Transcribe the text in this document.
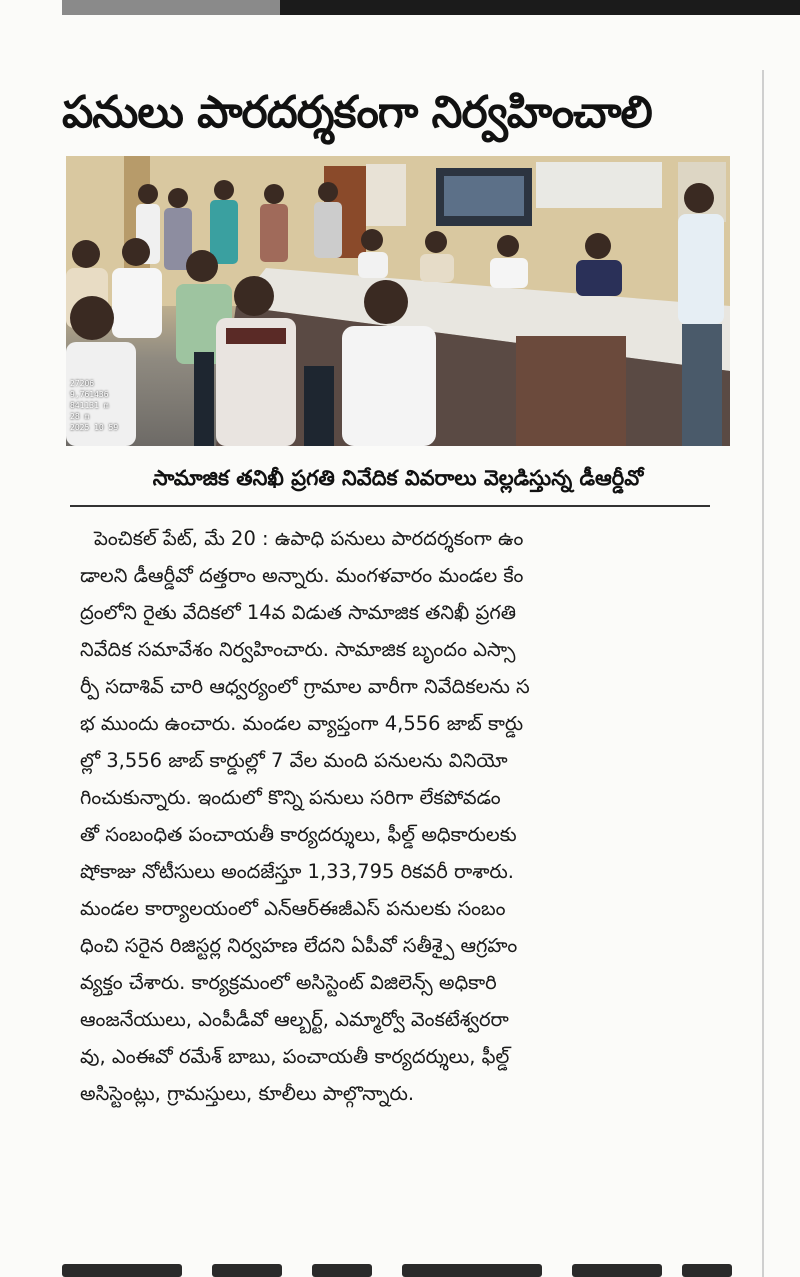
పనులు పారదర్శకంగా నిర్వహించాలి
27206
9,761436
841131 m
28 m
2025 10 59
సామాజిక తనిఖీ ప్రగతి నివేదిక వివరాలు వెల్లడిస్తున్న డీఆర్డీవో
పెంచికల్ పేట్, మే 20 : ఉపాధి పనులు పారదర్శకంగా ఉం
డాలని డీఆర్డీవో దత్తరాం అన్నారు. మంగళవారం మండల కేం
ద్రంలోని రైతు వేదికలో 14వ విడుత సామాజిక తనిఖీ ప్రగతి
నివేదిక సమావేశం నిర్వహించారు. సామాజిక బృందం ఎస్సా
ర్పీ సదాశివ్ చారి ఆధ్వర్యంలో గ్రామాల వారీగా నివేదికలను స
భ ముందు ఉంచారు. మండల వ్యాప్తంగా 4,556 జాబ్ కార్డు
ల్లో 3,556 జాబ్ కార్డుల్లో 7 వేల మంది పనులను వినియో
గించుకున్నారు. ఇందులో కొన్ని పనులు సరిగా లేకపోవడం
తో సంబంధిత పంచాయతీ కార్యదర్శులు, ఫీల్డ్ అధికారులకు
షోకాజు నోటీసులు అందజేస్తూ 1,33,795 రికవరీ రాశారు.
మండల కార్యాలయంలో ఎన్ఆర్ఈజీఎస్ పనులకు సంబం
ధించి సరైన రిజిస్టర్ల నిర్వహణ లేదని ఏపీవో సతీశ్పై ఆగ్రహం
వ్యక్తం చేశారు. కార్యక్రమంలో అసిస్టెంట్ విజిలెన్స్ అధికారి
ఆంజనేయులు, ఎంపీడీవో ఆల్బర్ట్, ఎమ్మార్వో వెంకటేశ్వరరా
వు, ఎంఈవో రమేశ్ బాబు, పంచాయతీ కార్యదర్శులు, ఫీల్డ్
అసిస్టెంట్లు, గ్రామస్తులు, కూలీలు పాల్గొన్నారు.
